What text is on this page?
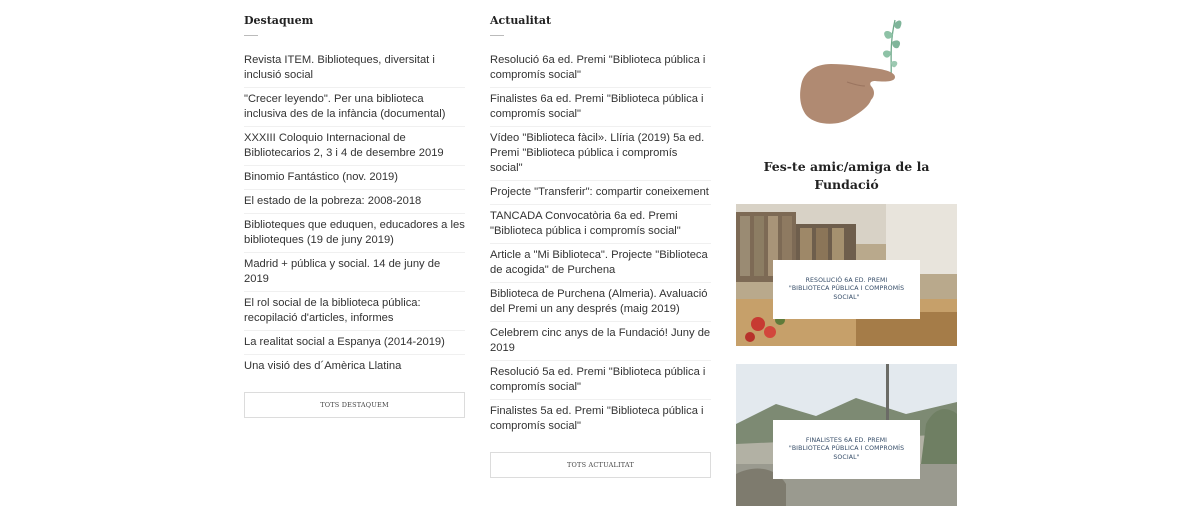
Destaquem
Revista ITEM. Biblioteques, diversitat i inclusió social
"Crecer leyendo". Per una biblioteca inclusiva des de la infància (documental)
XXXIII Coloquio Internacional de Bibliotecarios 2, 3 i 4 de desembre 2019
Binomio Fantástico (nov. 2019)
El estado de la pobreza: 2008-2018
Biblioteques que eduquen, educadores a les biblioteques (19 de juny 2019)
Madrid + pública y social. 14 de juny de 2019
El rol social de la biblioteca pública: recopilació d'articles, informes
La realitat social a Espanya (2014-2019)
Una visió des d´Amèrica Llatina
TOTS DESTAQUEM
Actualitat
Resolució 6a ed. Premi "Biblioteca pública i compromís social"
Finalistes 6a ed. Premi "Biblioteca pública i compromís social"
Vídeo "Biblioteca fàcil». Llíria (2019) 5a ed. Premi "Biblioteca pública i compromís social"
Projecte "Transferir": compartir coneixement
TANCADA Convocatòria 6a ed. Premi "Biblioteca pública i compromís social"
Article a "Mi Biblioteca". Projecte "Biblioteca de acogida" de Purchena
Biblioteca de Purchena (Almeria). Avaluació del Premi un any després (maig 2019)
Celebrem cinc anys de la Fundació! Juny de 2019
Resolució 5a ed. Premi "Biblioteca pública i compromís social"
Finalistes 5a ed. Premi "Biblioteca pública i compromís social"
TOTS ACTUALITAT
Fes-te amic/amiga de la Fundació
RESOLUCIÓ 6A ED. PREMI "BIBLIOTECA PÚBLICA I COMPROMÍS SOCIAL"
FINALISTES 6A ED. PREMI "BIBLIOTECA PÚBLICA I COMPROMÍS SOCIAL"
